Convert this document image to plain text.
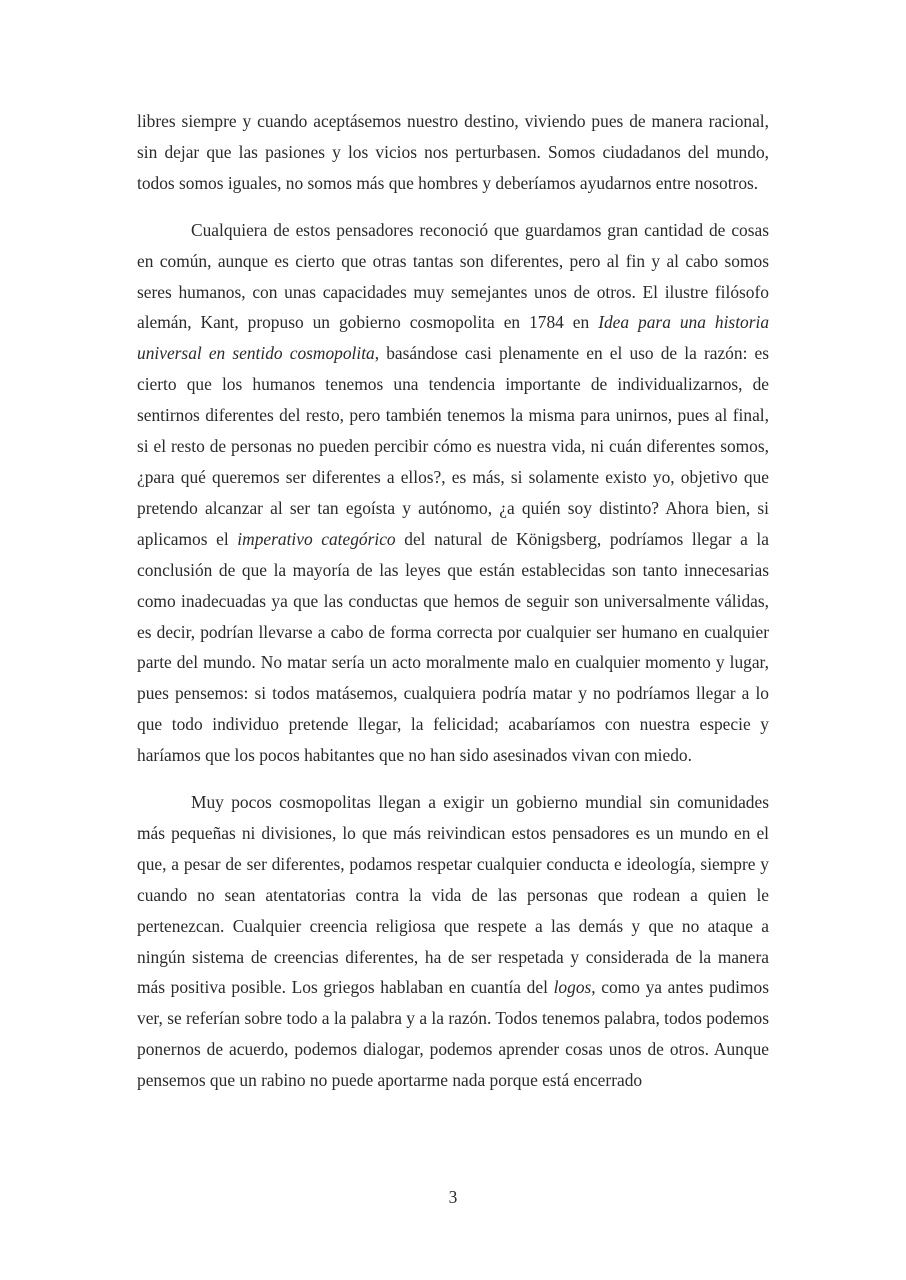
libres siempre y cuando aceptásemos nuestro destino, viviendo pues de manera racional, sin dejar que las pasiones y los vicios nos perturbasen. Somos ciudadanos del mundo, todos somos iguales, no somos más que hombres y deberíamos ayudarnos entre nosotros.

Cualquiera de estos pensadores reconoció que guardamos gran cantidad de cosas en común, aunque es cierto que otras tantas son diferentes, pero al fin y al cabo somos seres humanos, con unas capacidades muy semejantes unos de otros. El ilustre filósofo alemán, Kant, propuso un gobierno cosmopolita en 1784 en Idea para una historia universal en sentido cosmopolita, basándose casi plenamente en el uso de la razón: es cierto que los humanos tenemos una tendencia importante de individualizarnos, de sentirnos diferentes del resto, pero también tenemos la misma para unirnos, pues al final, si el resto de personas no pueden percibir cómo es nuestra vida, ni cuán diferentes somos, ¿para qué queremos ser diferentes a ellos?, es más, si solamente existo yo, objetivo que pretendo alcanzar al ser tan egoísta y autónomo, ¿a quién soy distinto? Ahora bien, si aplicamos el imperativo categórico del natural de Königsberg, podríamos llegar a la conclusión de que la mayoría de las leyes que están establecidas son tanto innecesarias como inadecuadas ya que las conductas que hemos de seguir son universalmente válidas, es decir, podrían llevarse a cabo de forma correcta por cualquier ser humano en cualquier parte del mundo. No matar sería un acto moralmente malo en cualquier momento y lugar, pues pensemos: si todos matásemos, cualquiera podría matar y no podríamos llegar a lo que todo individuo pretende llegar, la felicidad; acabaríamos con nuestra especie y haríamos que los pocos habitantes que no han sido asesinados vivan con miedo.

Muy pocos cosmopolitas llegan a exigir un gobierno mundial sin comunidades más pequeñas ni divisiones, lo que más reivindican estos pensadores es un mundo en el que, a pesar de ser diferentes, podamos respetar cualquier conducta e ideología, siempre y cuando no sean atentatorias contra la vida de las personas que rodean a quien le pertenezcan. Cualquier creencia religiosa que respete a las demás y que no ataque a ningún sistema de creencias diferentes, ha de ser respetada y considerada de la manera más positiva posible. Los griegos hablaban en cuantía del logos, como ya antes pudimos ver, se referían sobre todo a la palabra y a la razón. Todos tenemos palabra, todos podemos ponernos de acuerdo, podemos dialogar, podemos aprender cosas unos de otros. Aunque pensemos que un rabino no puede aportarme nada porque está encerrado

3
